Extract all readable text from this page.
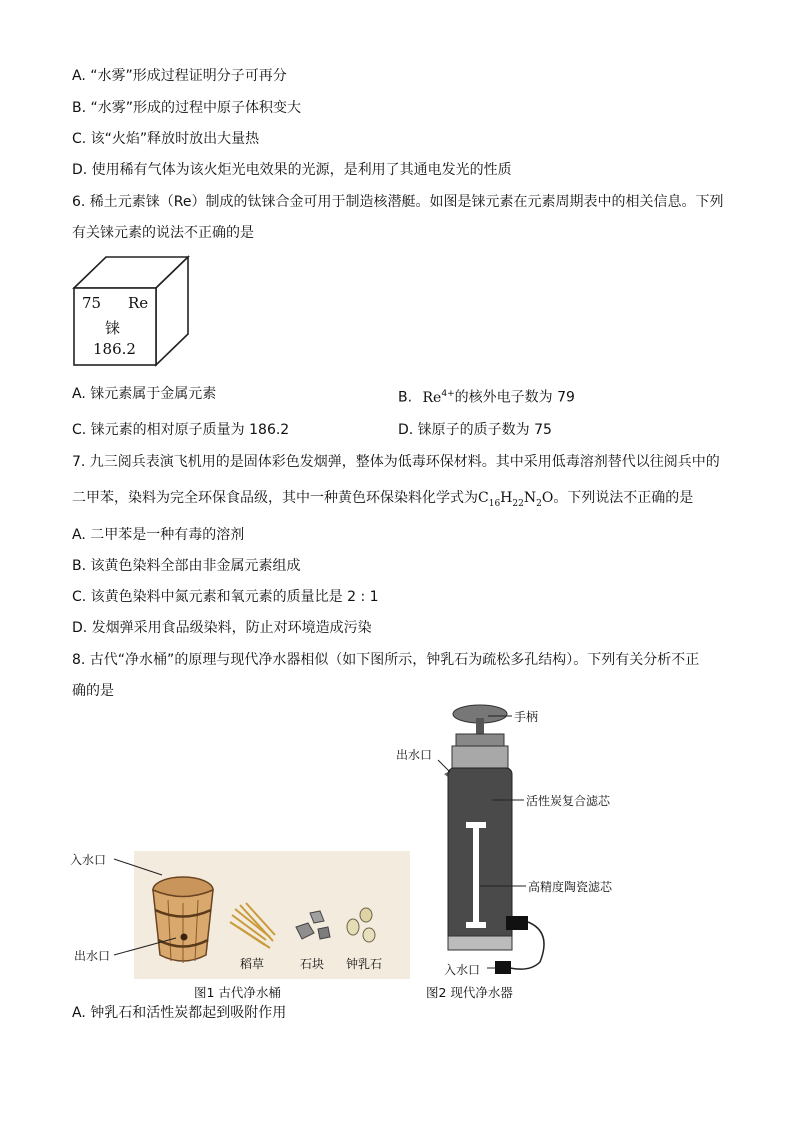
A. “水雾”形成过程证明分子可再分
B. “水雾”形成的过程中原子体积变大
C. 该“火焰”释放时放出大量热
D. 使用稀有气体为该火炬光电效果的光源，是利用了其通电发光的性质
6. 稀土元素铼（Re）制成的钛铼合金可用于制造核潜艇。如图是铼元素在元素周期表中的相关信息。下列
有关铼元素的说法不正确的是
75 Re
铼
186.2
A. 铼元素属于金属元素	B. $Re^{4+}$的核外电子数为 79
C. 铼元素的相对原子质量为 186.2	D. 铼原子的质子数为 75
7. 九三阅兵表演飞机用的是固体彩色发烟弹，整体为低毒环保材料。其中采用低毒溶剂替代以往阅兵中的
二甲苯，染料为完全环保食品级，其中一种黄色环保染料化学式为$C_{16}H_{22}N_2O$。下列说法不正确的是
A. 二甲苯是一种有毒的溶剂
B. 该黄色染料全部由非金属元素组成
C. 该黄色染料中氮元素和氧元素的质量比是 2 : 1
D. 发烟弹采用食品级染料，防止对环境造成污染
8. 古代“净水桶”的原理与现代净水器相似（如下图所示，钟乳石为疏松多孔结构）。下列有关分析不正
确的是
入水口
出水口
稻草	石块 钟乳石
图1 古代净水桶
手柄
出水口
活性炭复合滤芯
高精度陶瓷滤芯
入水口
图2 现代净水器
A. 钟乳石和活性炭都起到吸附作用
